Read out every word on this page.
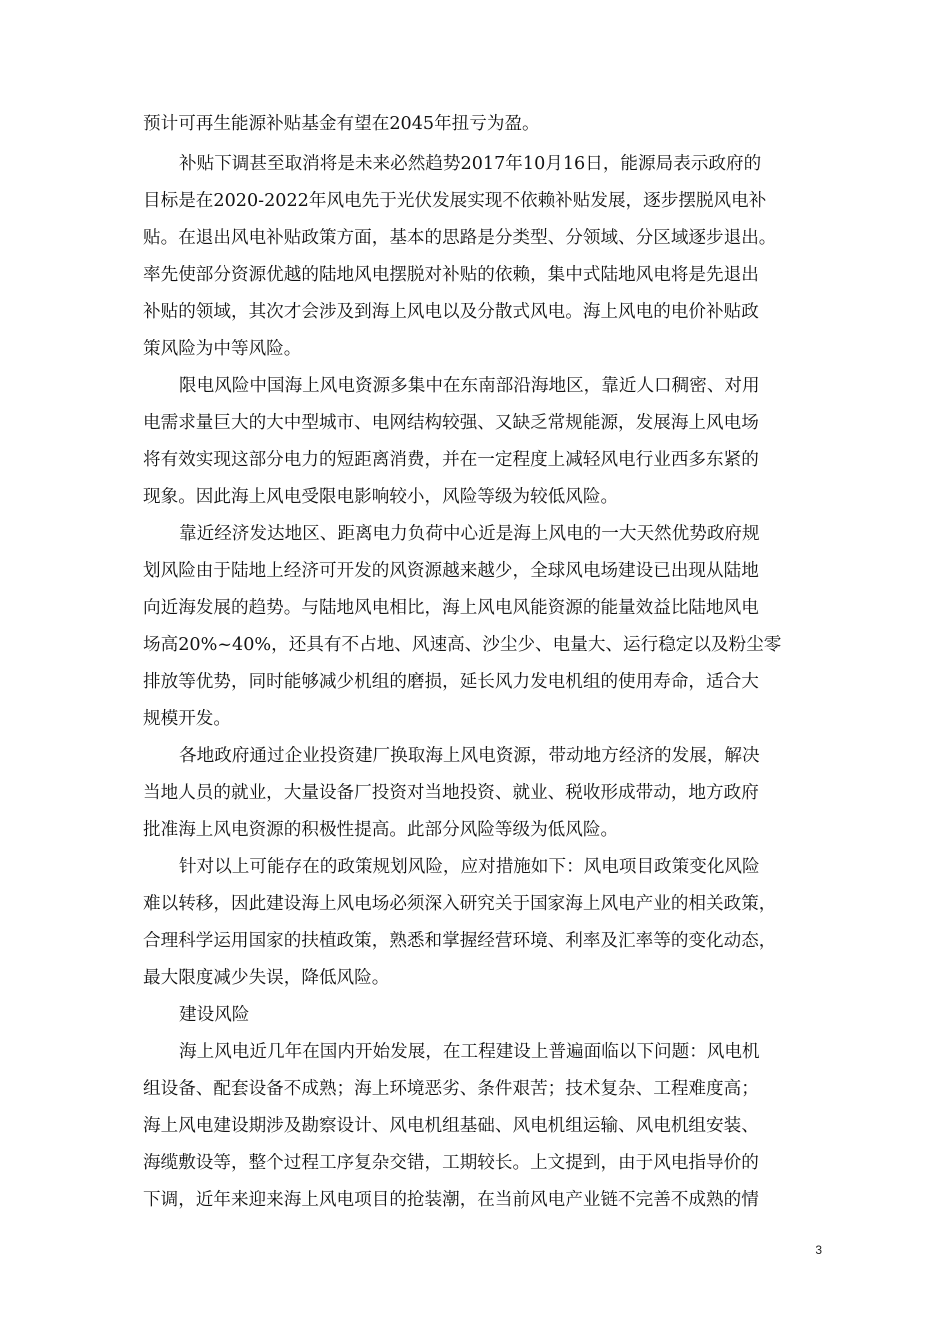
预计可再生能源补贴基金有望在2045年扭亏为盈。
补贴下调甚至取消将是未来必然趋势2017年10月16日，能源局表示政府的
目标是在2020-2022年风电先于光伏发展实现不依赖补贴发展，逐步摆脱风电补
贴。在退出风电补贴政策方面，基本的思路是分类型、分领域、分区域逐步退出。
率先使部分资源优越的陆地风电摆脱对补贴的依赖，集中式陆地风电将是先退出
补贴的领域，其次才会涉及到海上风电以及分散式风电。海上风电的电价补贴政
策风险为中等风险。
限电风险中国海上风电资源多集中在东南部沿海地区，靠近人口稠密、对用
电需求量巨大的大中型城市、电网结构较强、又缺乏常规能源，发展海上风电场
将有效实现这部分电力的短距离消费，并在一定程度上减轻风电行业西多东紧的
现象。因此海上风电受限电影响较小，风险等级为较低风险。
靠近经济发达地区、距离电力负荷中心近是海上风电的一大天然优势政府规
划风险由于陆地上经济可开发的风资源越来越少，全球风电场建设已出现从陆地
向近海发展的趋势。与陆地风电相比，海上风电风能资源的能量效益比陆地风电
场高20%~40%，还具有不占地、风速高、沙尘少、电量大、运行稳定以及粉尘零
排放等优势，同时能够减少机组的磨损，延长风力发电机组的使用寿命，适合大
规模开发。
各地政府通过企业投资建厂换取海上风电资源，带动地方经济的发展，解决
当地人员的就业，大量设备厂投资对当地投资、就业、税收形成带动，地方政府
批准海上风电资源的积极性提高。此部分风险等级为低风险。
针对以上可能存在的政策规划风险，应对措施如下：风电项目政策变化风险
难以转移，因此建设海上风电场必须深入研究关于国家海上风电产业的相关政策，
合理科学运用国家的扶植政策，熟悉和掌握经营环境、利率及汇率等的变化动态，
最大限度减少失误，降低风险。
建设风险
海上风电近几年在国内开始发展，在工程建设上普遍面临以下问题：风电机
组设备、配套设备不成熟；海上环境恶劣、条件艰苦；技术复杂、工程难度高；
海上风电建设期涉及勘察设计、风电机组基础、风电机组运输、风电机组安装、
海缆敷设等，整个过程工序复杂交错，工期较长。上文提到，由于风电指导价的
下调，近年来迎来海上风电项目的抢装潮，在当前风电产业链不完善不成熟的情
3
